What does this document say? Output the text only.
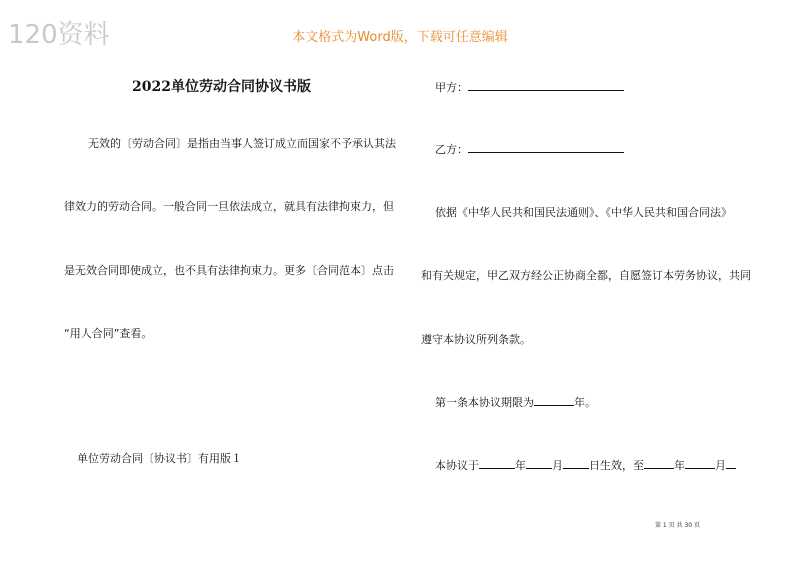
120资料	本文格式为Word版，下载可任意编辑
2022单位劳动合同协议书版
无效的〔劳动合同〕是指由当事人签订成立而国家不予承认其法
律效力的劳动合同。一般合同一旦依法成立，就具有法律拘束力，但
是无效合同即使成立，也不具有法律拘束力。更多〔合同范本〕点击
“用人合同”查看。
单位劳动合同〔协议书〕有用版１
甲方：
乙方：
依据《中华人民共和国民法通则》、《中华人民共和国合同法》
和有关规定，甲乙双方经公正协商全都，自愿签订本劳务协议，共同
遵守本协议所列条款。
第一条本协议期限为	年。
本协议于	年 月 日生效，至	年	月
第 1 页 共 30 页
